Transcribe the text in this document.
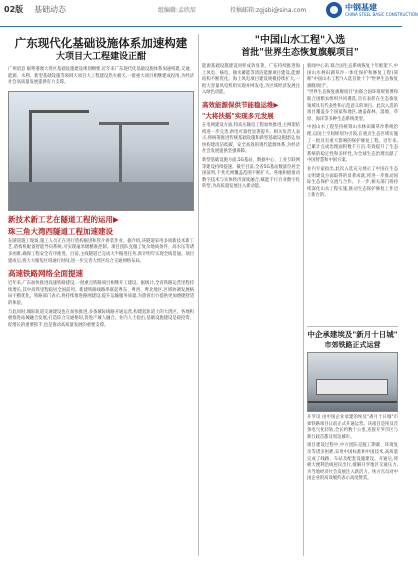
02版 基础动态	组编辑:孟欣辰	投稿邮箱:zgjsbi@sina.com	中钢基建
CHINA STEEL BASIC CONSTRUCTION
广东现代化基础设施体系加速构建
大项目大工程建设正酣

广州消息 据粤港澳大湾区基础设施建设规划纲要,近年来广东现代化基础设施体系加速构建,交通、能源、水利、新型基础设施等领域大项目大工程建设热火朝天,一批重大项目相继建成投用,为经济社会高质量发展提供有力支撑。

新技术新工艺在隧道工程的运用▶
珠三角大湾西隧道工程加速建设

在隧道施工现场,施工人员正在进行盾构掘进和管片拼装作业。据介绍,该隧道采用多项新技术新工艺,盾构机配备智能导向系统,可实现毫米级精准控制。项目团队克服了复杂地质条件、高水压等诸多困难,确保工程安全有序推进。目前,主线隧道已完成大半掘进任务,预计明年实现全线贯通。项目建成后,将大大缩短区域通行时间,进一步完善大湾区综合交通网络布局。

高速铁路网络全面提速

近年来,广东加快推进高速铁路建设,一批重点铁路项目相继开工建设。据统计,全省铁路运营里程持续增长,其中高铁里程稳居全国前列。新建铁路线路串联起粤东、粤西、粤北地区,区域协调发展格局不断优化。铁路部门表示,将持续推进路网建设,提升运输服务质量,为旅客出行提供更加便捷舒适的体验。

与此同时,城际轨道交通建设也在加快推进,多条城际线路开通运营,构建起轨道上的大湾区。各地积极推进站城融合发展,打造综合交通枢纽,促进产城人融合。业内人士指出,基础设施建设是稳投资、促增长的重要抓手,也是推动高质量发展的重要支撑。

能源基础设施建设同样成效显著。广东持续推进海上风电、核电、抽水蓄能等清洁能源项目建设,能源结构不断优化。海上风电项目建设规模持续扩大,一批大容量风电机组实现并网发电,为区域经济发展注入绿色动能。

高效能源保供节能稳运维▶
"大将扶摇"实现多元发展

在电网建设方面,特高压输电工程加快推进,主网架结构进一步完善,供电可靠性显著提升。相关负责人表示,将统筹推进传统基础设施和新型基础设施建设,加快构建清洁低碳、安全高效的现代能源体系,为经济社会发展提供坚强保障。

新型基础设施方面,5G基站、数据中心、工业互联网等建设持续提速。截至目前,全省5G基站数量位居全国前列,千兆光网覆盖范围不断扩大。各地积极推动数字技术与实体经济深度融合,赋能千行百业数字化转型,为高质量发展注入新动能。

新闻中心讯 联合国生态系统恢复十年框架下,中国山水林田湖草沙一体化保护和修复工程(简称"中国山水工程")入选首批十个"世界生态恢复旗舰项目"。

"世界生态恢复旗舰项目"由联合国环境规划署和联合国粮农组织共同遴选,旨在表彰在生态恢复领域具有代表性和示范意义的项目。此次入选的项目覆盖多个国家和地区,涵盖森林、湿地、草原、海洋等多种生态系统类型。

中国山水工程坚持统筹山水林田湖草沙系统治理,以国土空间规划为引领,在重点生态区域实施了一批具有重大影响的保护修复工程。近年来,已累计完成治理面积数千万亩,有效提升了生态系统的稳定性和多样性,为全球生态治理贡献了中国智慧和中国方案。

业内专家指出,此次入选充分展示了中国在生态文明建设方面取得的显著成就,将进一步推动国际生态保护交流与合作。下一步,相关部门将持续深化山水工程实施,推动生态保护修复工作迈上新台阶。

中企承建埃及"新月十日城"
市郊铁路正式运营

开罗讯 由中国企业承建的埃及"斋月十日城"市郊铁路项目日前正式开通运营。该项目是埃及首条电气化轻轨,全长约数十公里,连接开罗市区与新行政首都及周边城市。

项目建设过程中,中方团队克服工期紧、环境复杂等诸多困难,采用中国标准和中国技术,高质量完成了线路、车站及配套设施建设。开通后,将极大便利沿线居民出行,缓解开罗地区交通压力,为当地经济社会发展注入新活力。埃方官员对中国企业的高效履约表示高度赞赏。

"中国山水工程"入选
首批"世界生态恢复旗舰项目"
